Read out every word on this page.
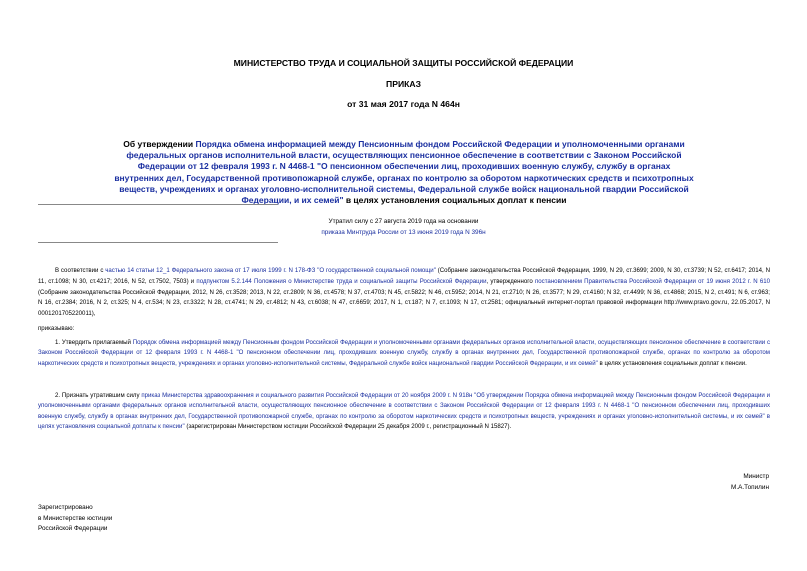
МИНИСТЕРСТВО ТРУДА И СОЦИАЛЬНОЙ ЗАЩИТЫ РОССИЙСКОЙ ФЕДЕРАЦИИ
ПРИКАЗ
от 31 мая 2017 года N 464н
Об утверждении Порядка обмена информацией между Пенсионным фондом Российской Федерации и уполномоченными органами федеральных органов исполнительной власти, осуществляющих пенсионное обеспечение в соответствии с Законом Российской Федерации от 12 февраля 1993 г. N 4468-1 "О пенсионном обеспечении лиц, проходивших военную службу, службу в органах внутренних дел, Государственной противопожарной службе, органах по контролю за оборотом наркотических средств и психотропных веществ, учреждениях и органах уголовно-исполнительной системы, Федеральной службе войск национальной гвардии Российской Федерации, и их семей" в целях установления социальных доплат к пенсии
Утратил силу с 27 августа 2019 года на основании
приказа Минтруда России от 13 июня 2019 года N 396н
В соответствии с частью 14 статьи 12_1 Федерального закона от 17 июля 1999 г. N 178-ФЗ "О государственной социальной помощи" (Собрание законодательства Российской Федерации, 1999, N 29, ст.3699; 2009, N 30, ст.3739; N 52, ст.6417; 2014, N 11, ст.1098; N 30, ст.4217; 2016, N 52, ст.7502, 7503) и подпунктом 5.2.144 Положения о Министерстве труда и социальной защиты Российской Федерации, утвержденного постановлением Правительства Российской Федерации от 19 июня 2012 г. N 610 (Собрание законодательства Российской Федерации, 2012, N 26, ст.3528; 2013, N 22, ст.2809; N 36, ст.4578; N 37, ст.4703; N 45, ст.5822; N 46, ст.5952; 2014, N 21, ст.2710; N 26, ст.3577; N 29, ст.4160; N 32, ст.4499; N 36, ст.4868; 2015, N 2, ст.491; N 6, ст.963; N 16, ст.2384; 2016, N 2, ст.325; N 4, ст.534; N 23, ст.3322; N 28, ст.4741; N 29, ст.4812; N 43, ст.6038; N 47, ст.6659; 2017, N 1, ст.187; N 7, ст.1093; N 17, ст.2581; официальный интернет-портал правовой информации http://www.pravo.gov.ru, 22.05.2017, N 0001201705220011),
приказываю:
1. Утвердить прилагаемый Порядок обмена информацией между Пенсионным фондом Российской Федерации и уполномоченными органами федеральных органов исполнительной власти, осуществляющих пенсионное обеспечение в соответствии с Законом Российской Федерации от 12 февраля 1993 г. N 4468-1 "О пенсионном обеспечении лиц, проходивших военную службу, службу в органах внутренних дел, Государственной противопожарной службе, органах по контролю за оборотом наркотических средств и психотропных веществ, учреждениях и органах уголовно-исполнительной системы, Федеральной службе войск национальной гвардии Российской Федерации, и их семей" в целях установления социальных доплат к пенсии.
2. Признать утратившим силу приказ Министерства здравоохранения и социального развития Российской Федерации от 20 ноября 2009 г. N 918н "Об утверждении Порядка обмена информацией между Пенсионным фондом Российской Федерации и уполномоченными органами федеральных органов исполнительной власти, осуществляющих пенсионное обеспечение в соответствии с Законом Российской Федерации от 12 февраля 1993 г. N 4468-1 "О пенсионном обеспечении лиц, проходивших военную службу, службу в органах внутренних дел, Государственной противопожарной службе, органах по контролю за оборотом наркотических средств и психотропных веществ, учреждениях и органах уголовно-исполнительной системы, и их семей" в целях установления социальной доплаты к пенсии" (зарегистрирован Министерством юстиции Российской Федерации 25 декабря 2009 г., регистрационный N 15827).
Министр
М.А.Топилин
Зарегистрировано
в Министерстве юстиции
Российской Федерации
